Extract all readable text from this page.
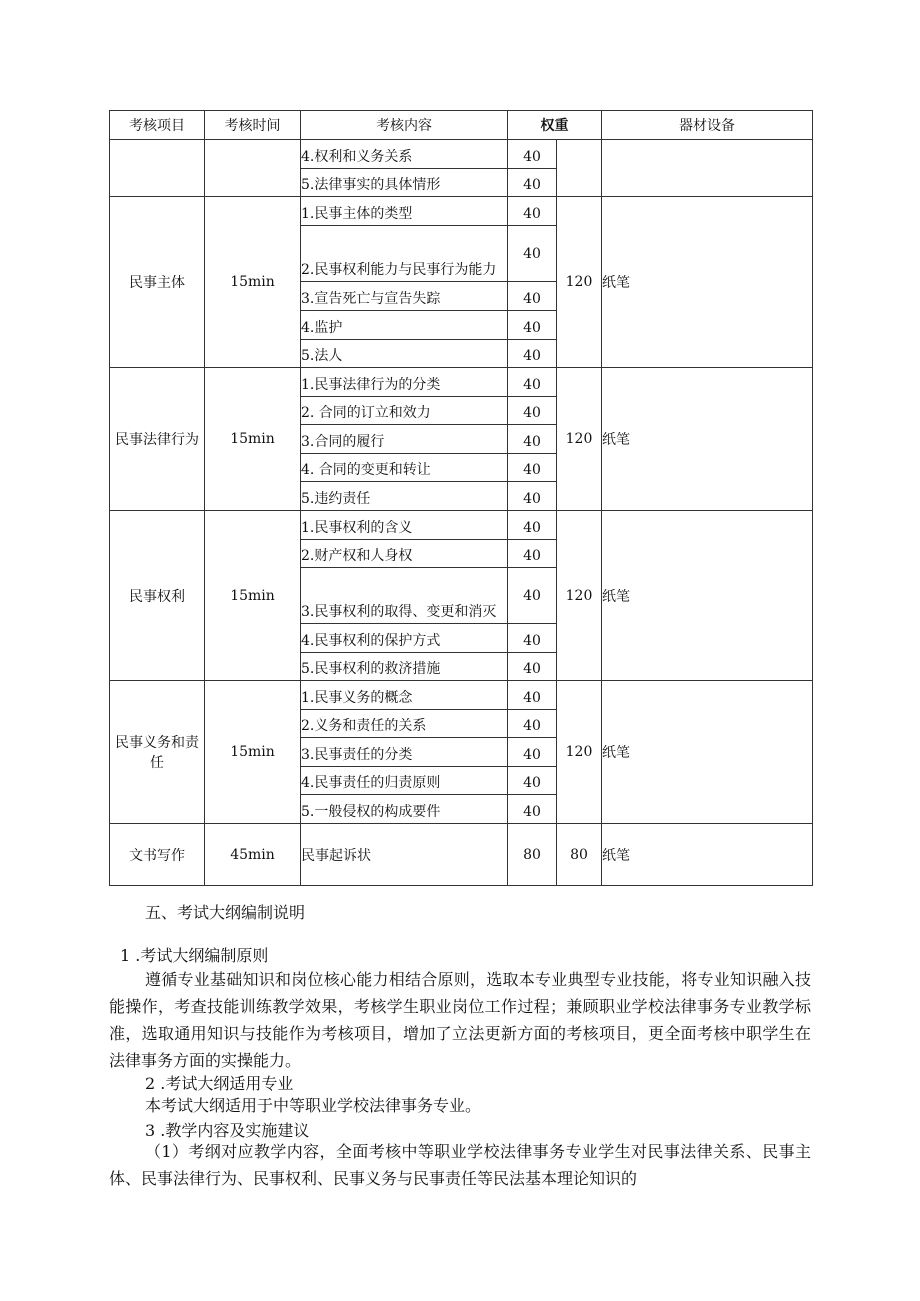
考核项目	考核时间	考核内容	权重		器材设备
		4.权利和义务关系	40		
		5.法律事实的具体情形	40		
民事主体	15min	1.民事主体的类型	40	120	纸笔
		2.民事权利能力与民事行为能力	40		
		3.宣告死亡与宣告失踪	40		
		4.监护	40		
		5.法人	40		
民事法律行为	15min	1.民事法律行为的分类	40	120	纸笔
		2. 合同的订立和效力	40		
		3.合同的履行	40		
		4. 合同的变更和转让	40		
		5.违约责任	40		
民事权利	15min	1.民事权利的含义	40	120	纸笔
		2.财产权和人身权	40		
		3.民事权利的取得、变更和消灭	40		
		4.民事权利的保护方式	40		
		5.民事权利的救济措施	40		
民事义务和责任	15min	1.民事义务的概念	40	120	纸笔
		2.义务和责任的关系	40		
		3.民事责任的分类	40		
		4.民事责任的归责原则	40		
		5.一般侵权的构成要件	40		
文书写作	45min	民事起诉状	80	80	纸笔
五、考试大纲编制说明
1 .考试大纲编制原则
遵循专业基础知识和岗位核心能力相结合原则，选取本专业典型专业技能，将专业知识融入技能操作，考查技能训练教学效果，考核学生职业岗位工作过程；兼顾职业学校法律事务专业教学标准，选取通用知识与技能作为考核项目，增加了立法更新方面的考核项目，更全面考核中职学生在法律事务方面的实操能力。
2 .考试大纲适用专业
本考试大纲适用于中等职业学校法律事务专业。
3 .教学内容及实施建议
（1）考纲对应教学内容，全面考核中等职业学校法律事务专业学生对民事法律关系、民事主体、民事法律行为、民事权利、民事义务与民事责任等民法基本理论知识的
